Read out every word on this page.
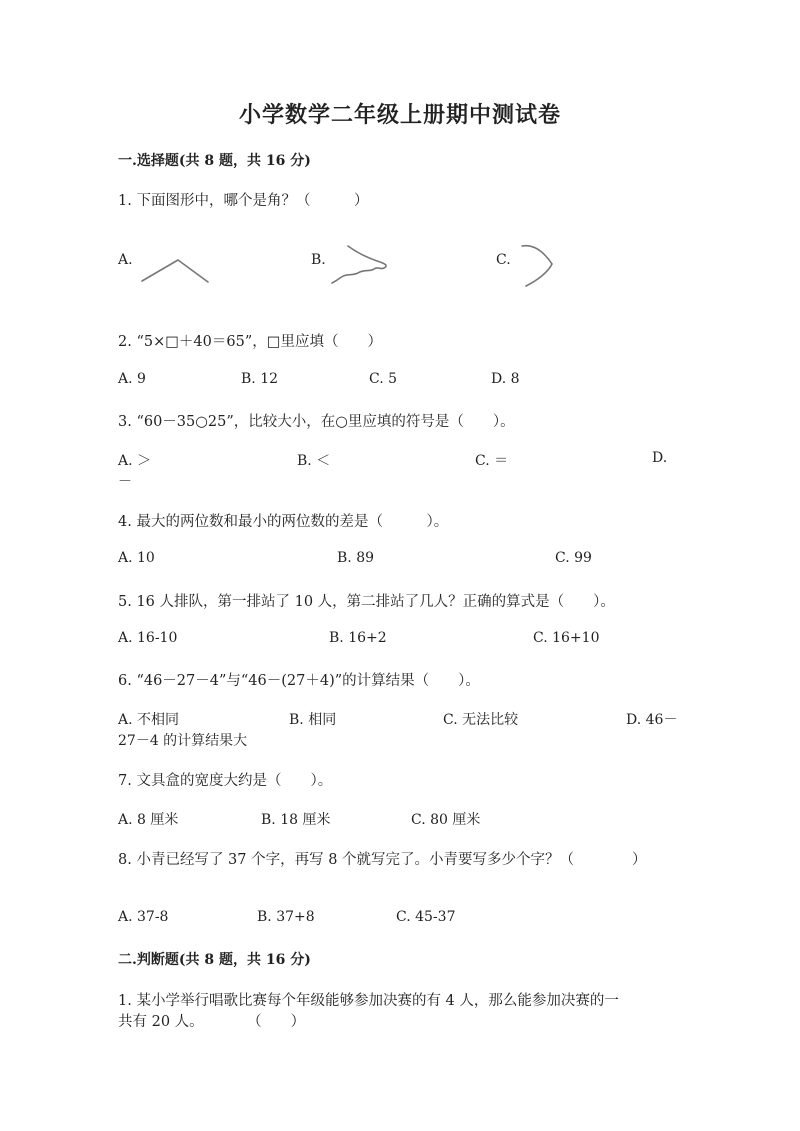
小学数学二年级上册期中测试卷
一.选择题(共 8 题，共 16 分)
1. 下面图形中，哪个是角？（　　　）
A.	B.	C.
2. “5×□＋40＝65”，□里应填（　　）
A. 9	B. 12	C. 5	D. 8
3. “60－35○25”，比较大小，在○里应填的符号是（　　）。
A. ＞	B. ＜	C. ＝	D.
－
4. 最大的两位数和最小的两位数的差是（　　　）。
A. 10	B. 89	C. 99
5. 16 人排队，第一排站了 10 人，第二排站了几人？正确的算式是（　　）。
A. 16-10	B. 16+2	C. 16+10
6. “46－27－4”与“46－(27＋4)”的计算结果（　　）。
A. 不相同	B. 相同	C. 无法比较	D. 46－
27－4 的计算结果大
7. 文具盒的宽度大约是（　　）。
A. 8 厘米	B. 18 厘米	C. 80 厘米
8. 小青已经写了 37 个字，再写 8 个就写完了。小青要写多少个字？（　　　　）
A. 37-8	B. 37+8	C. 45-37
二.判断题(共 8 题，共 16 分)
1. 某小学举行唱歌比赛每个年级能够参加决赛的有 4 人，那么能参加决赛的一
共有 20 人。　　　　（　　）
